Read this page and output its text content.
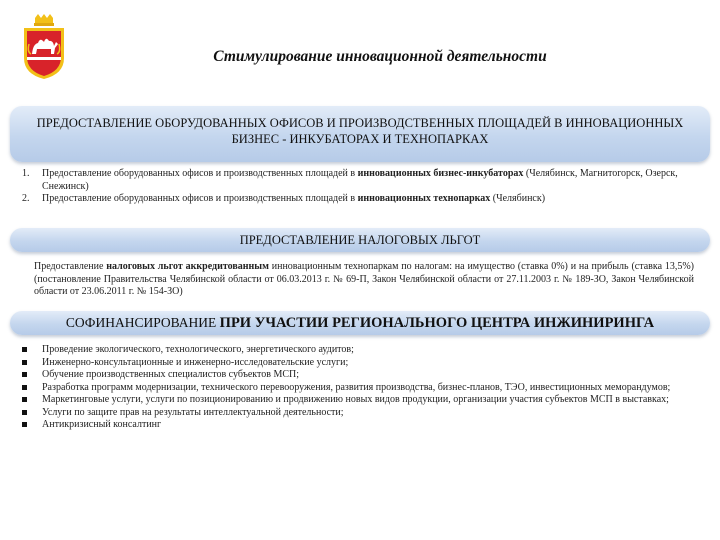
Стимулирование инновационной деятельности
ПРЕДОСТАВЛЕНИЕ ОБОРУДОВАННЫХ ОФИСОВ И ПРОИЗВОДСТВЕННЫХ ПЛОЩАДЕЙ В ИННОВАЦИОННЫХ БИЗНЕС - ИНКУБАТОРАХ И ТЕХНОПАРКАХ
1. Предоставление оборудованных офисов и производственных площадей в инновационных бизнес-инкубаторах (Челябинск, Магнитогорск, Озерск, Снежинск)
2. Предоставление оборудованных офисов и производственных площадей в инновационных технопарках (Челябинск)
ПРЕДОСТАВЛЕНИЕ НАЛОГОВЫХ ЛЬГОТ
Предоставление налоговых льгот аккредитованным инновационным технопаркам по налогам: на имущество (ставка 0%) и на прибыль (ставка 13,5%) (постановление Правительства Челябинской области от 06.03.2013 г. № 69-П, Закон Челябинской области от 27.11.2003 г. № 189-ЗО, Закон Челябинской области от 23.06.2011 г. № 154-ЗО)
СОФИНАНСИРОВАНИЕ ПРИ УЧАСТИИ РЕГИОНАЛЬНОГО ЦЕНТРА ИНЖИНИРИНГА
Проведение экологического, технологического, энергетического аудитов;
Инженерно-консультационные и инженерно-исследовательские услуги;
Обучение производственных специалистов субъектов МСП;
Разработка программ модернизации, технического перевооружения, развития производства, бизнес-планов, ТЭО, инвестиционных меморандумов;
Маркетинговые услуги, услуги по позиционированию и продвижению новых видов продукции, организации участия субъектов МСП в выставках;
Услуги по защите прав на результаты интеллектуальной деятельности;
Антикризисный консалтинг
